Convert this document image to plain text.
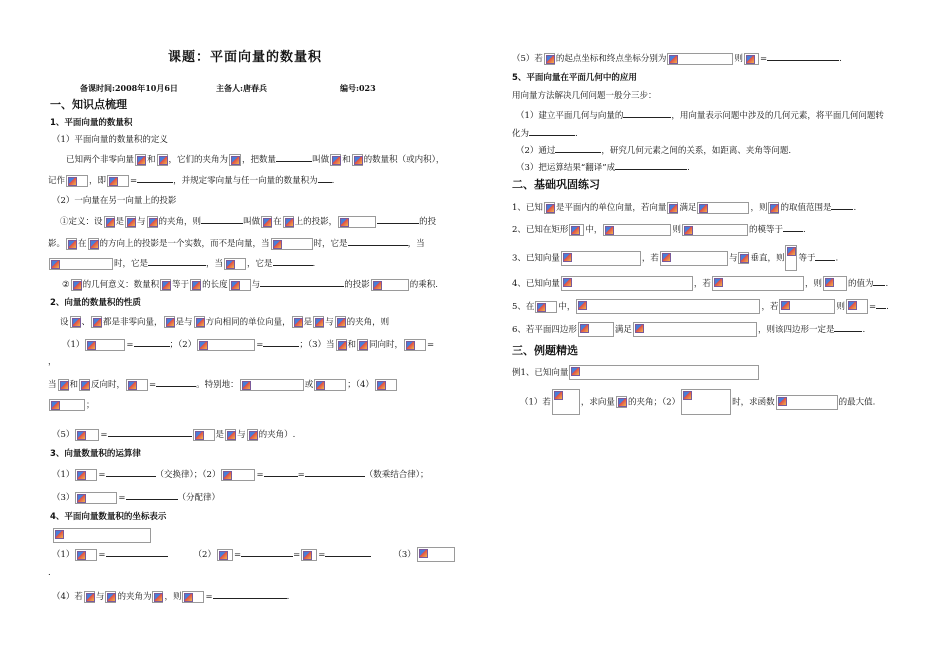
课题：平面向量的数量积
备课时间:2008年10月6日	主备人:唐春兵	编号:023
一、知识点梳理
1、平面向量的数量积
（1）平面向量的数量积的定义
已知两个非零向量 和 ，它们的夹角为 ，把数量	叫做 和 的数量积（或内积），
记作	，即	=	，并规定零向量与任一向量的数量积为 .
（2）一向量在另一向量上的投影
①定义：设 是 与 的夹角，则	叫做 在 上的投影，	的投
影。 在 的方向上的投影是一个实数，而不是向量，当	时，它是	，当
时，它是	，当	，它是	.
② 的几何意义：数量积 等于 的长度	与	的投影	的乘积.
2、向量的数量积的性质
设 、 都是非零向量， 是与 方向相同的单位向量， 是 与 的夹角，则
（1）	=	；（2）	=	；（3）当 和 同向时，	=
，
当 和 反向时，	=	。特别地：	或	；（4）
；
（5）	=	是 与 的夹角）.
3、向量数量积的运算律
（1）	=	（交换律）；（2）	=	=	（数乘结合律）；
（3）	=	（分配律）
4、平面向量数量积的坐标表示
（1）	=	（2） =	= =	（3）
.
（4）若 与 的夹角为 ，则	=	.
（5）若 的起点坐标和终点坐标分别为	则 =	.
5、平面向量在平面几何中的应用
用向量方法解决几何问题一般分三步：
（1）建立平面几何与向量的	，用向量表示问题中涉及的几何元素，将平面几何问题转
化为	.
（2）通过	，研究几何元素之间的关系，如距离、夹角等问题.
（3）把运算结果“翻译”成	.
二、基础巩固练习
1、已知 是平面内的单位向量，若向量 满足	，则 的取值范围是	.
2、已知在矩形 中，	则	的模等于 .
3、已知向量	，若	与 垂直，则 等于 .
4、已知向量	，若	，则	的值为 .
5、在	中，	，若	则	= .
6、若平面四边形	满足	，则该四边形一定是	.
三、例题精选
例1、已知向量
（1）若	，求向量 的夹角；（2）	时，求函数	的最大值.
